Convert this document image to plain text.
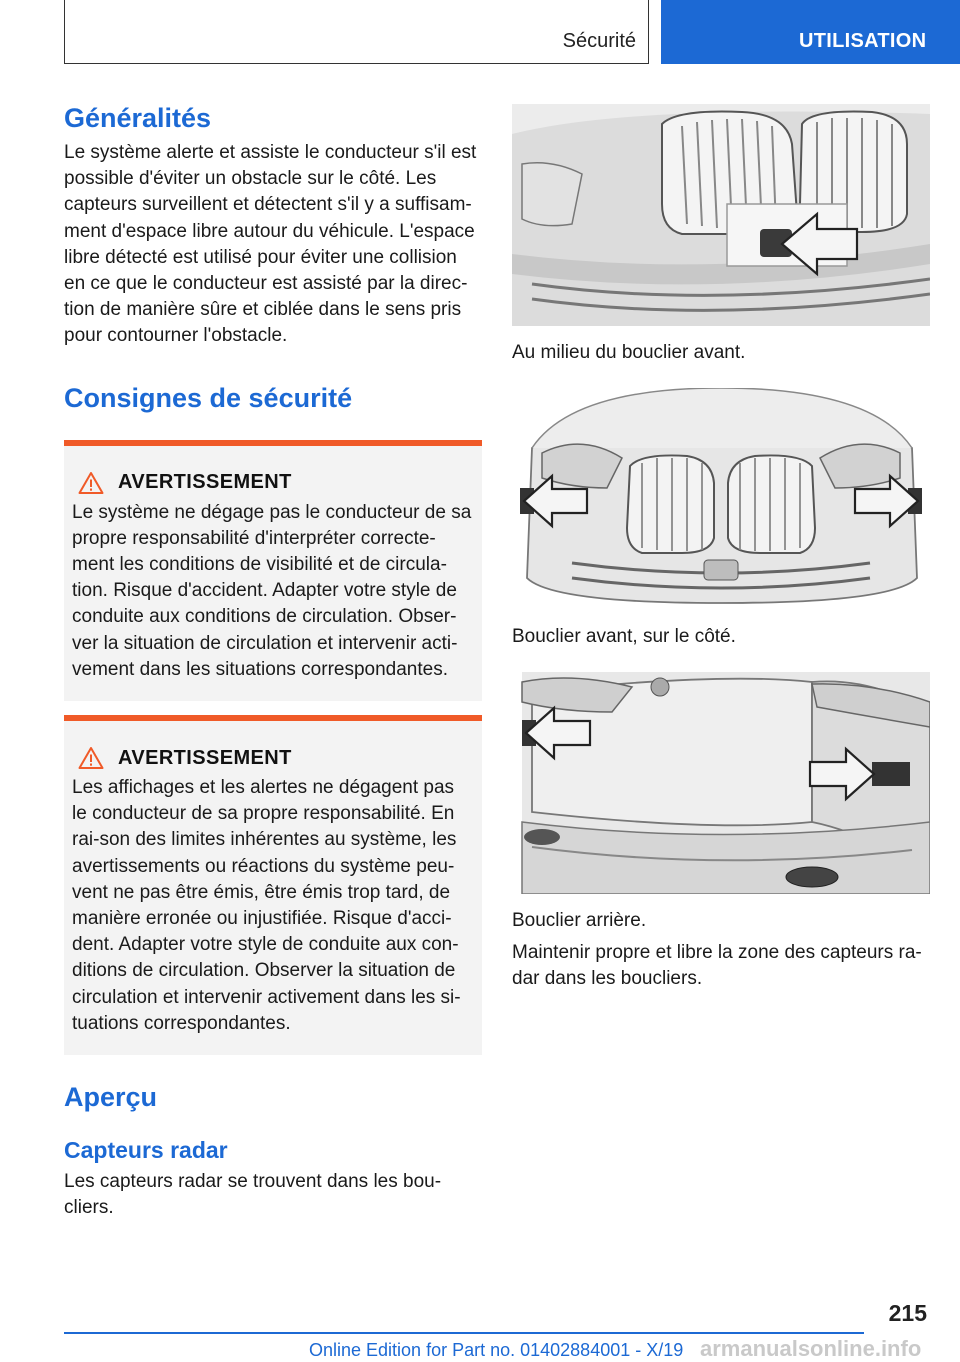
Sécurité	UTILISATION
Généralités

Le système alerte et assiste le conducteur s'il est possible d'éviter un obstacle sur le côté. Les capteurs surveillent et détectent s'il y a suffisam-ment d'espace libre autour du véhicule. L'espace libre détecté est utilisé pour éviter une collision en ce que le conducteur est assisté par la direc-tion de manière sûre et ciblée dans le sens pris pour contourner l'obstacle.

Consignes de sécurité
AVERTISSEMENT

Le système ne dégage pas le conducteur de sa propre responsabilité d'interpréter correcte-ment les conditions de visibilité et de circula-tion. Risque d'accident. Adapter votre style de conduite aux conditions de circulation. Obser-ver la situation de circulation et intervenir acti-vement dans les situations correspondantes.

AVERTISSEMENT

Les affichages et les alertes ne dégagent pas le conducteur de sa propre responsabilité. En rai-son des limites inhérentes au système, les avertissements ou réactions du système peu-vent ne pas être émis, être émis trop tard, de manière erronée ou injustifiée. Risque d'acci-dent. Adapter votre style de conduite aux con-ditions de circulation. Observer la situation de circulation et intervenir activement dans les si-tuations correspondantes.

Aperçu
Capteurs radar

Les capteurs radar se trouvent dans les bou-cliers.

Au milieu du bouclier avant.

Bouclier avant, sur le côté.

Bouclier arrière.

Maintenir propre et libre la zone des capteurs ra-dar dans les boucliers.

215
Online Edition for Part no. 01402884001 - X/19 armanualsonline.info
